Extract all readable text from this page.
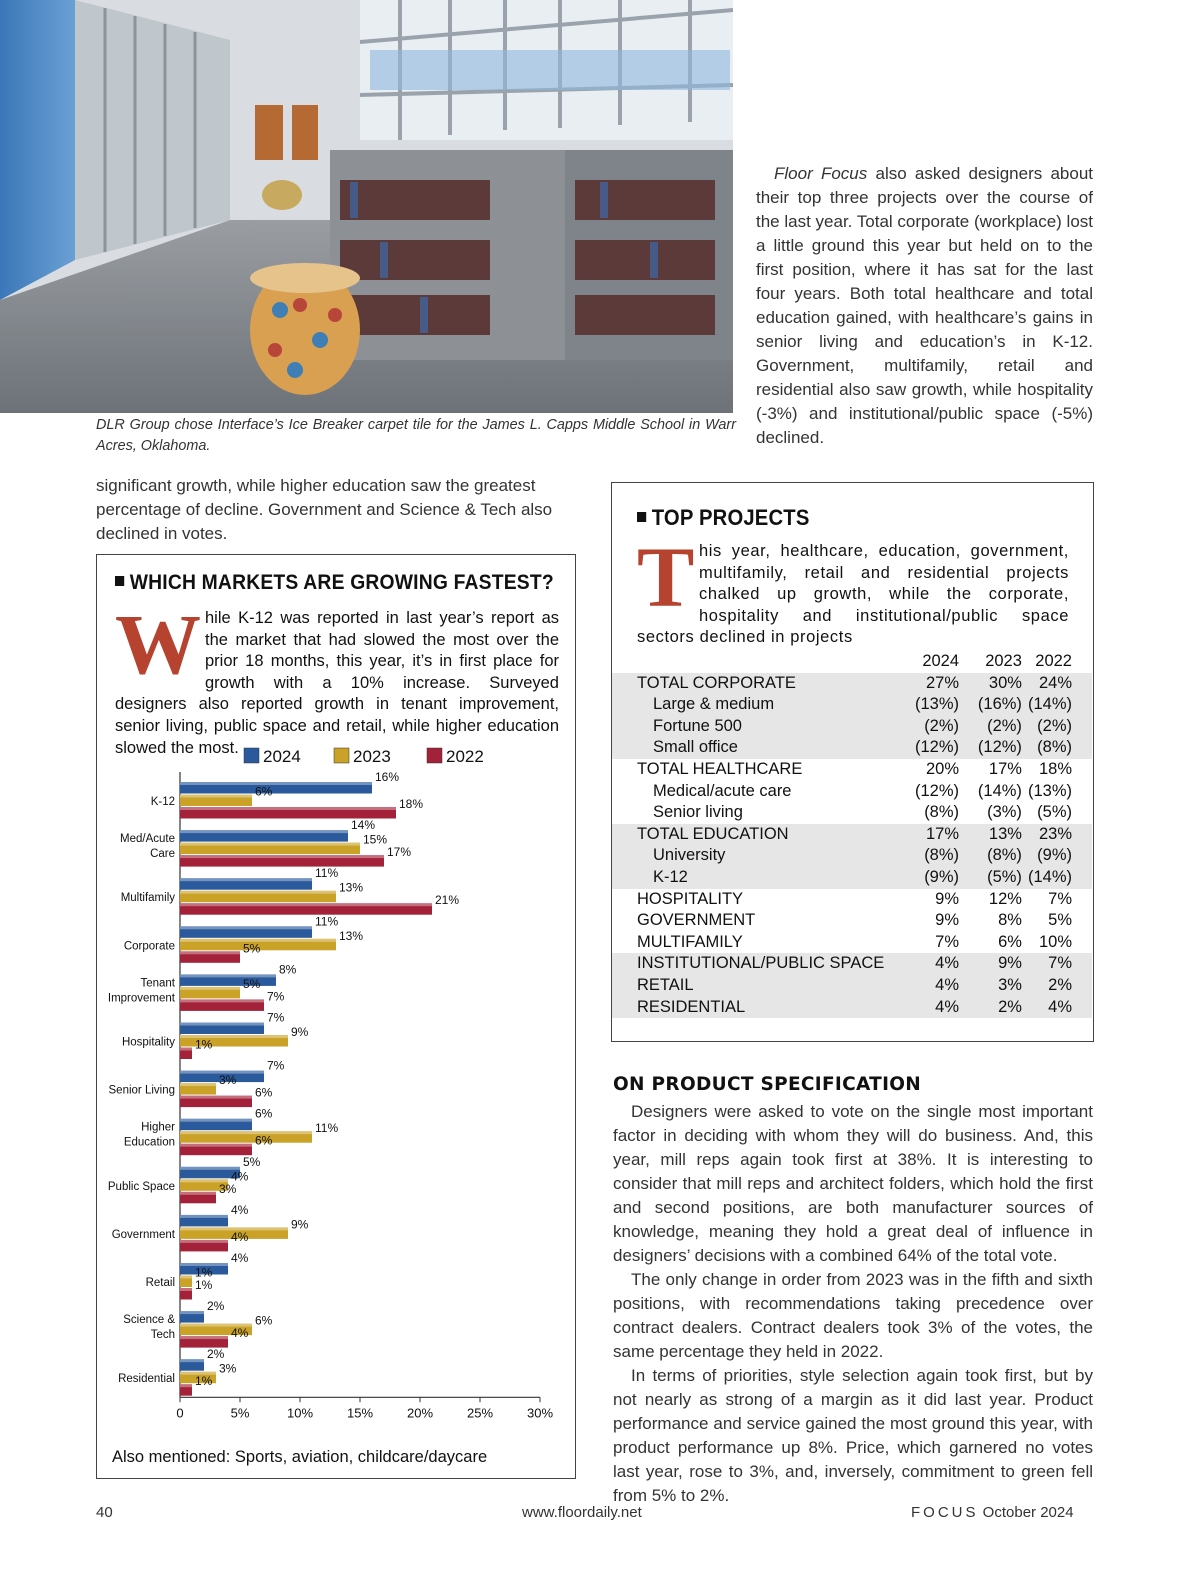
DLR Group chose Interface’s Ice Breaker carpet tile for the James L. Capps Middle School in Warr Acres, Oklahoma.

Floor Focus also asked designers about their top three projects over the course of the last year. Total corporate (workplace) lost a little ground this year but held on to the first position, where it has sat for the last four years. Both total healthcare and total education gained, with healthcare’s gains in senior living and education’s in K-12. Government, multifamily, retail and residential also saw growth, while hospitality (-3%) and institutional/public space (-5%) declined.

significant growth, while higher education saw the greatest percentage of decline. Government and Science & Tech also declined in votes.
WHICH MARKETS ARE GROWING FASTEST?
While K-12 was reported in last year’s report as the market that had slowed the most over the prior 18 months, this year, it’s in first place for growth with a 10% increase. Surveyed designers also reported growth in tenant improvement, senior living, public space and retail, while higher education slowed the most.	2024	2023	2022
0	5%	10%	15%	20%	25%	30%
K-12
16%
6%
18%
Med/Acute Care
14%
15%
17%
Multifamily
11%
13%
21%
Corporate
11%
13%
5%
Tenant Improvement
8%
5%
7%
Hospitality
7%
9%
1%
Senior Living
7%
3%
6%
Higher Education
6%
11%
6%
Public Space
5%
4%
3%
Government
4%
9%
4%
Retail
4%
1%
1%
Science & Tech
2%
6%
4%
Residential
2%
3%
1%
Also mentioned: Sports, aviation, childcare/daycare
TOP PROJECTS
This year, healthcare, education, government, multifamily, retail and residential projects chalked up growth, while the corporate, hospitality and institutional/public space sectors declined in projects
	2024	2023	2022
TOTAL CORPORATE	27%	30%	24%
Large & medium	(13%)	(16%)	(14%)
Fortune 500	(2%)	(2%)	(2%)
Small office	(12%)	(12%)	(8%)
TOTAL HEALTHCARE	20%	17%	18%
Medical/acute care	(12%)	(14%)	(13%)
Senior living	(8%)	(3%)	(5%)
TOTAL EDUCATION	17%	13%	23%
University	(8%)	(8%)	(9%)
K-12	(9%)	(5%)	(14%)
HOSPITALITY	9%	12%	7%
GOVERNMENT	9%	8%	5%
MULTIFAMILY	7%	6%	10%
INSTITUTIONAL/PUBLIC SPACE	4%	9%	7%
RETAIL	4%	3%	2%
RESIDENTIAL	4%	2%	4%
ON PRODUCT SPECIFICATION

Designers were asked to vote on the single most important factor in deciding with whom they will do business. And, this year, mill reps again took first at 38%. It is interesting to consider that mill reps and architect folders, which hold the first and second positions, are both manufacturer sources of knowledge, meaning they hold a great deal of influence in designers’ decisions with a combined 64% of the total vote.

The only change in order from 2023 was in the fifth and sixth positions, with recommendations taking precedence over contract dealers. Contract dealers took 3% of the votes, the same percentage they held in 2022.

In terms of priorities, style selection again took first, but by not nearly as strong of a margin as it did last year. Product performance and service gained the most ground this year, with product performance up 8%. Price, which garnered no votes last year, rose to 3%, and, inversely, commitment to green fell from 5% to 2%.

40	www.floordaily.net	FOCUS October 2024
